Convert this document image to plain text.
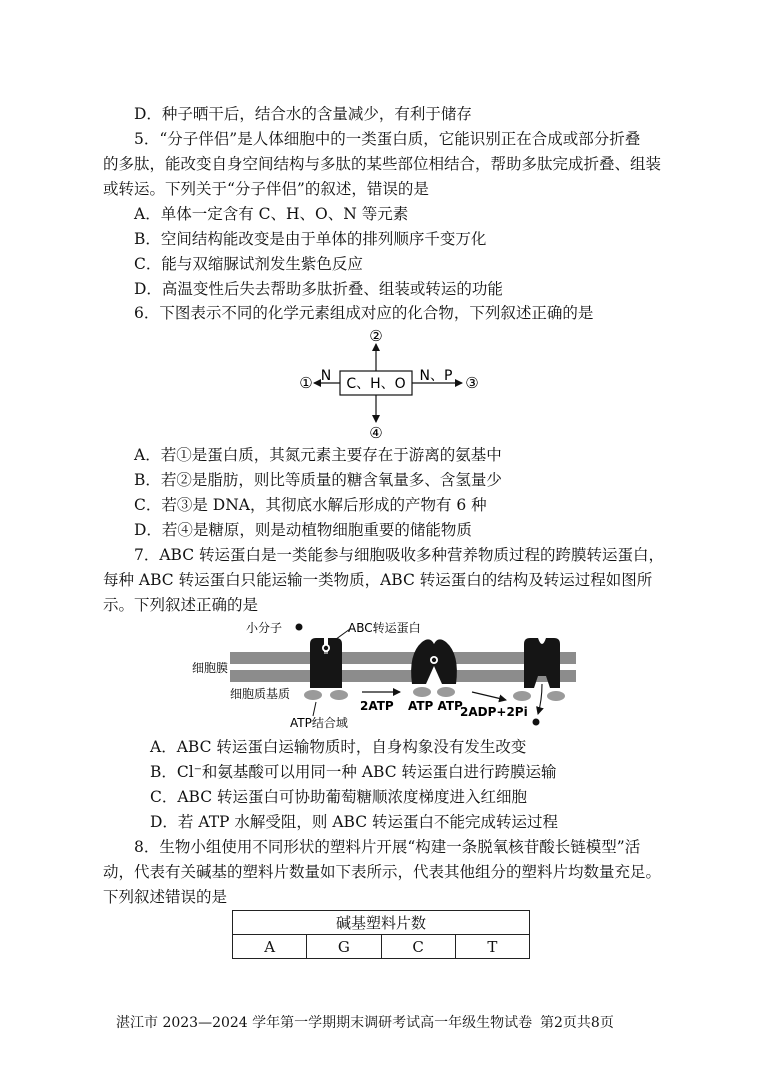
D．种子晒干后，结合水的含量减少，有利于储存
5．“分子伴侣”是人体细胞中的一类蛋白质，它能识别正在合成或部分折叠
的多肽，能改变自身空间结构与多肽的某些部位相结合，帮助多肽完成折叠、组装
或转运。下列关于“分子伴侣”的叙述，错误的是
A．单体一定含有 C、H、O、N 等元素
B．空间结构能改变是由于单体的排列顺序千变万化
C．能与双缩脲试剂发生紫色反应
D．高温变性后失去帮助多肽折叠、组装或转运的功能
6．下图表示不同的化学元素组成对应的化合物，下列叙述正确的是
C、H、O
N	N、P
①
②
③
④
A．若①是蛋白质，其氮元素主要存在于游离的氨基中
B．若②是脂肪，则比等质量的糖含氧量多、含氢量少
C．若③是 DNA，其彻底水解后形成的产物有 6 种
D．若④是糖原，则是动植物细胞重要的储能物质
7．ABC 转运蛋白是一类能参与细胞吸收多种营养物质过程的跨膜转运蛋白，
每种 ABC 转运蛋白只能运输一类物质，ABC 转运蛋白的结构及转运过程如图所
示。下列叙述正确的是
小分子	ABC转运蛋白
细胞膜
细胞质基质
ATP结合域
2ATP ATP ATP
2ADP+2Pi
A．ABC 转运蛋白运输物质时，自身构象没有发生改变
B．Cl⁻和氨基酸可以用同一种 ABC 转运蛋白进行跨膜运输
C．ABC 转运蛋白可协助葡萄糖顺浓度梯度进入红细胞
D．若 ATP 水解受阻，则 ABC 转运蛋白不能完成转运过程
8．生物小组使用不同形状的塑料片开展“构建一条脱氧核苷酸长链模型”活
动，代表有关碱基的塑料片数量如下表所示，代表其他组分的塑料片均数量充足。
下列叙述错误的是
碱基塑料片数
A	G	C	T
湛江市 2023—2024 学年第一学期期末调研考试高一年级生物试卷 第2页共8页
